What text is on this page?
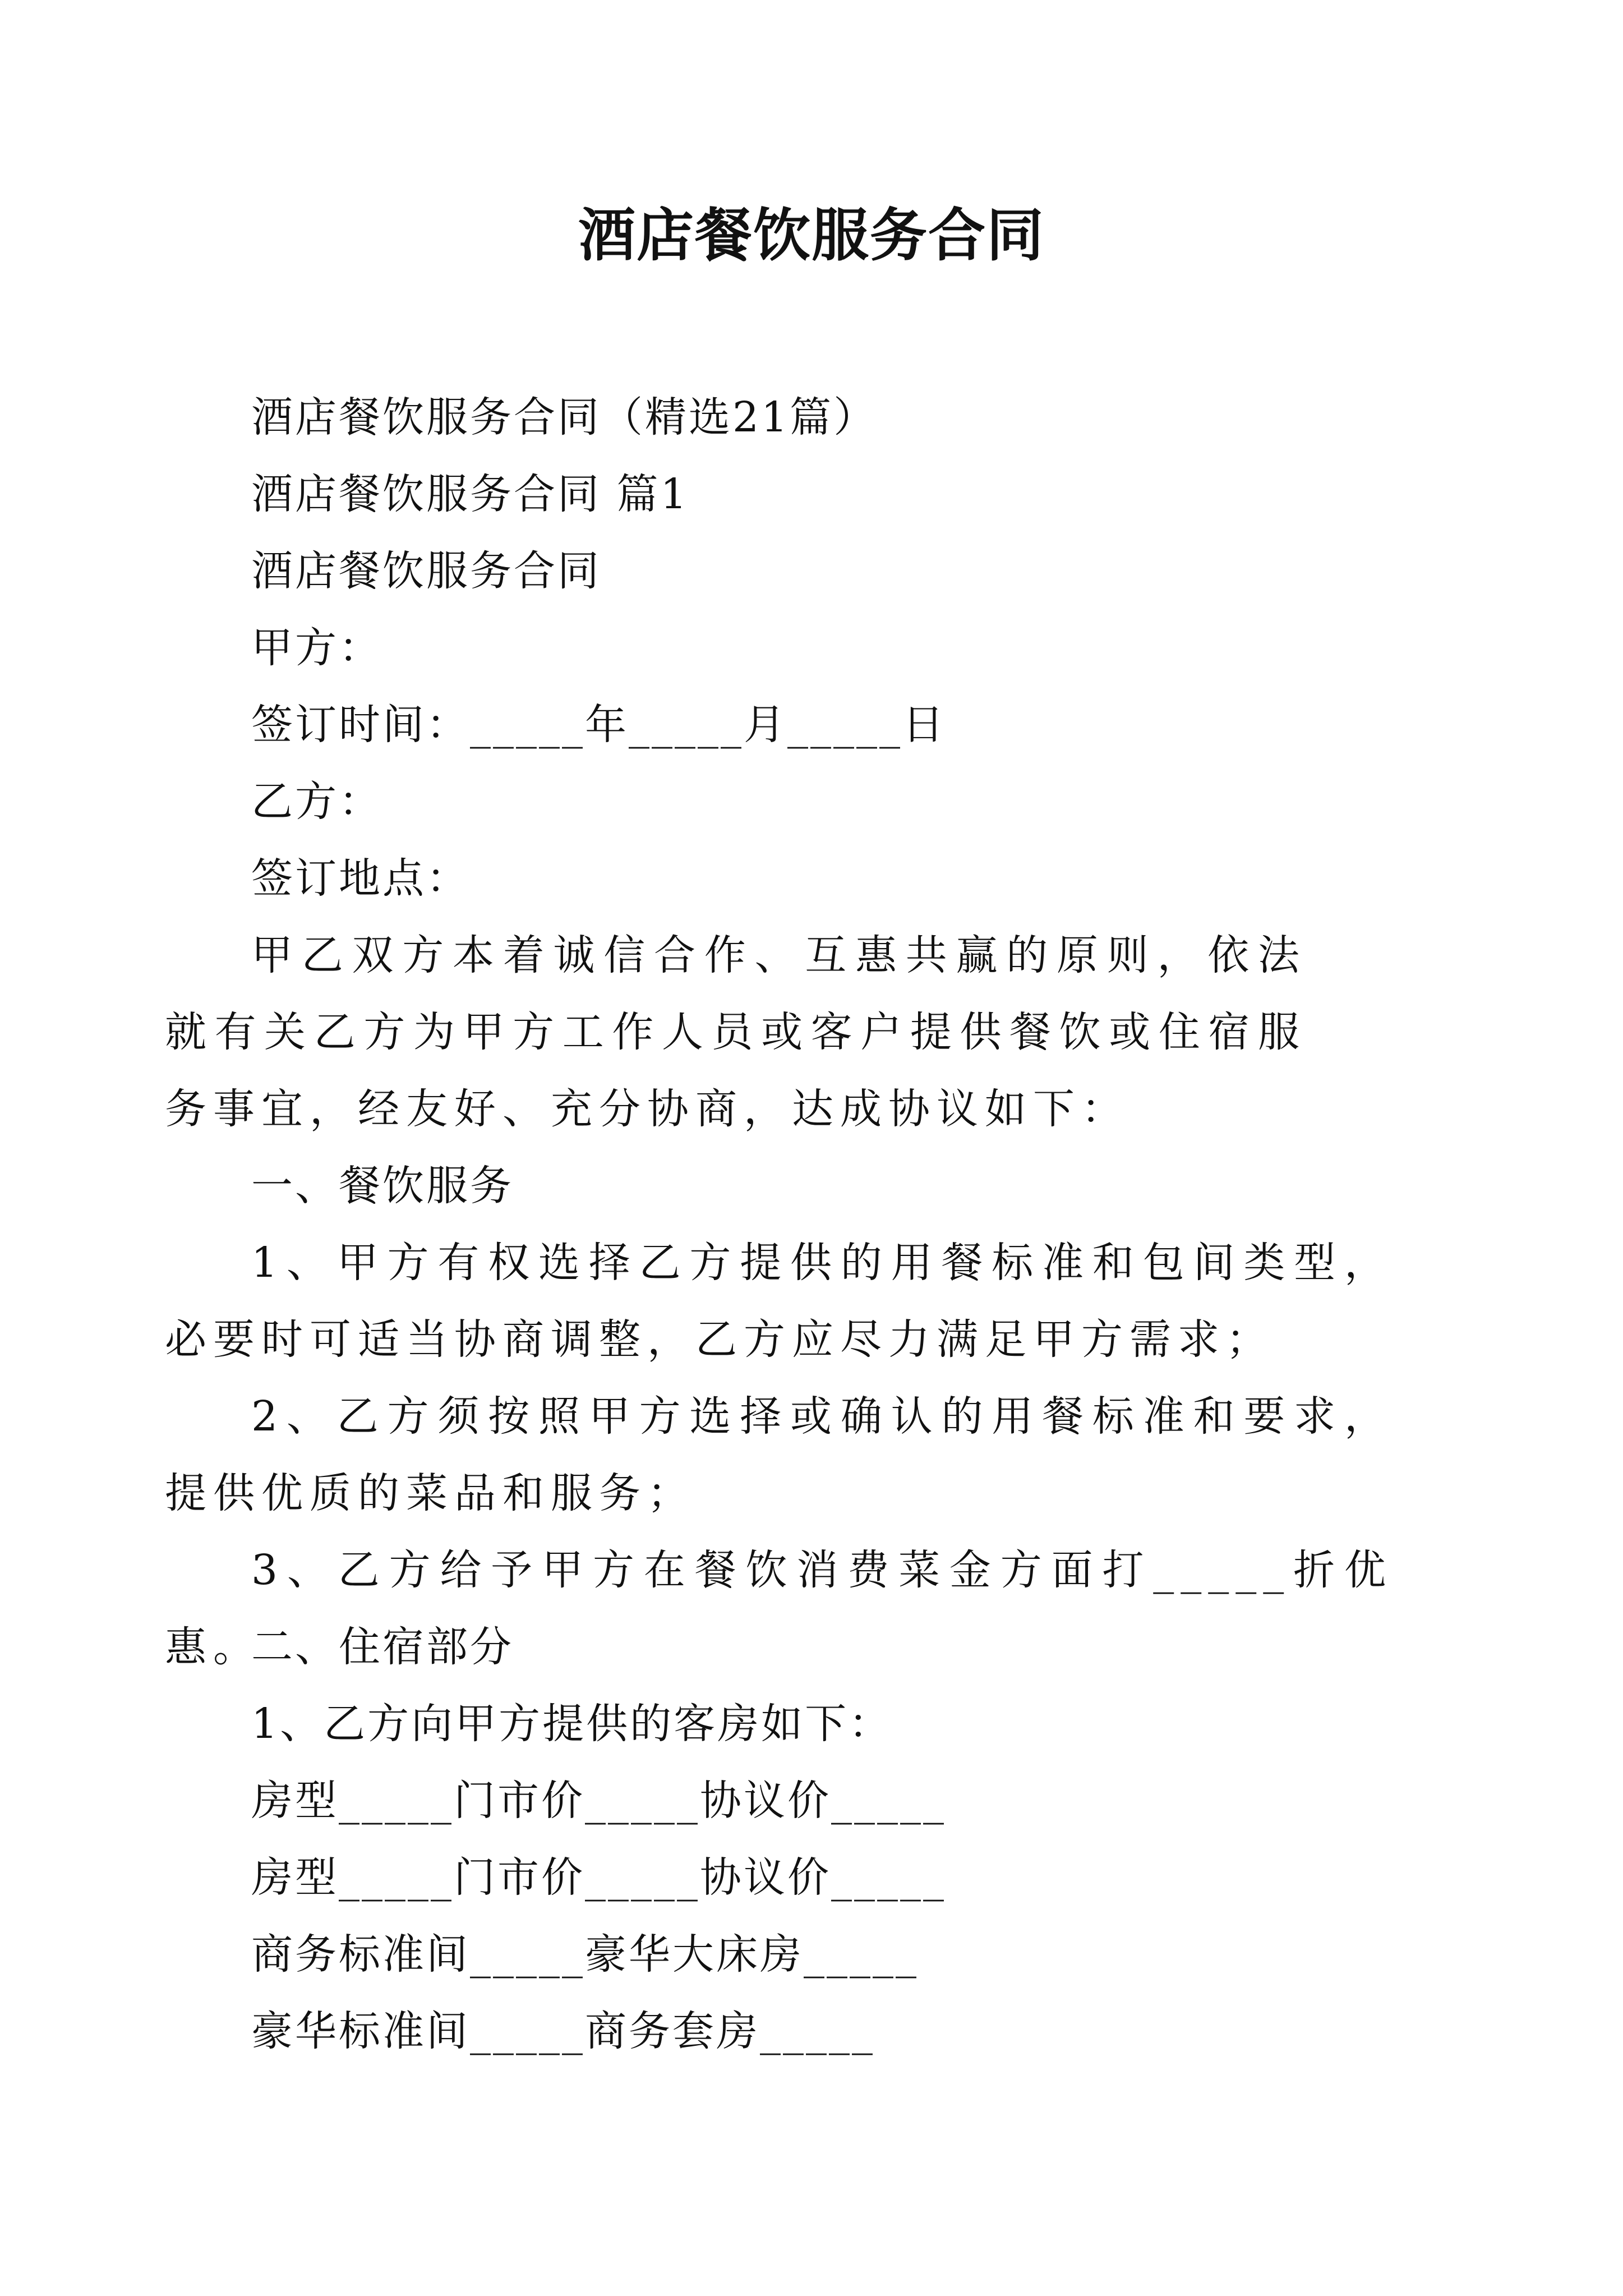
酒店餐饮服务合同
酒店餐饮服务合同（精选21篇）
酒店餐饮服务合同 篇1
酒店餐饮服务合同
甲方：
签订时间：_____年_____月_____日
乙方：
签订地点：
甲乙双方本着诚信合作、互惠共赢的原则，依法就有关乙方为甲方工作人员或客户提供餐饮或住宿服务事宜，经友好、充分协商，达成协议如下：
一、餐饮服务
1、甲方有权选择乙方提供的用餐标准和包间类型，必要时可适当协商调整，乙方应尽力满足甲方需求；
2、乙方须按照甲方选择或确认的用餐标准和要求，提供优质的菜品和服务；
3、乙方给予甲方在餐饮消费菜金方面打_____折优惠。
二、住宿部分
1、乙方向甲方提供的客房如下：
房型_____门市价_____协议价_____
房型_____门市价_____协议价_____
商务标准间_____豪华大床房_____
豪华标准间_____商务套房_____
